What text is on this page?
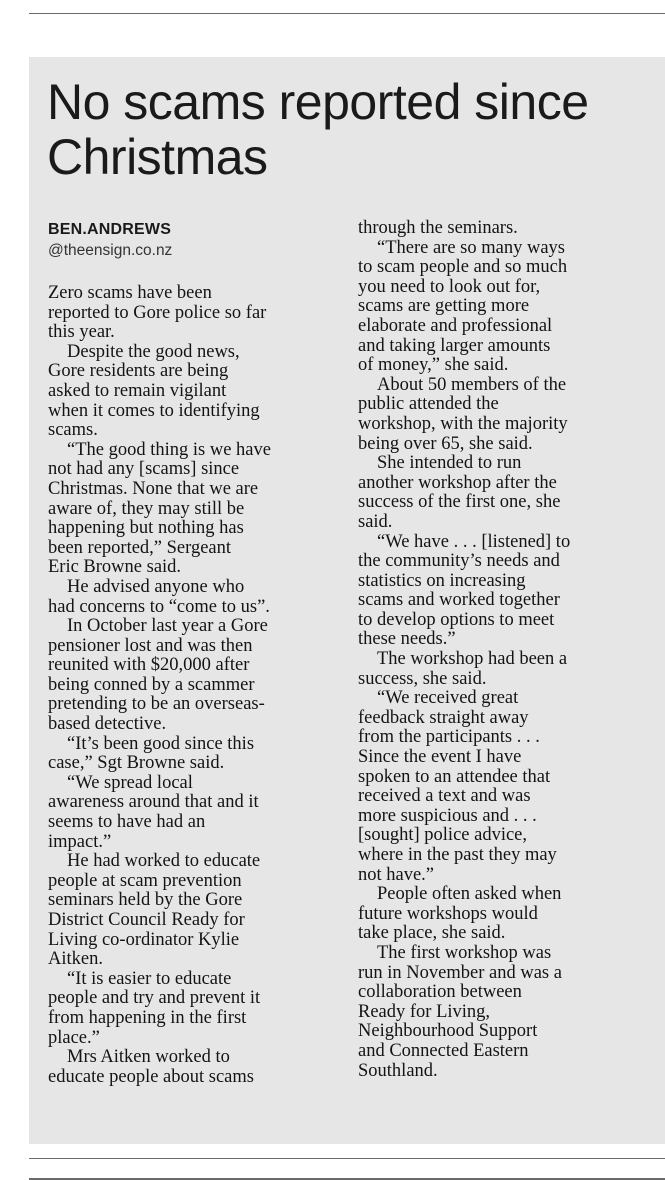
No scams reported since Christmas
BEN.ANDREWS
@theensign.co.nz
Zero scams have been
reported to Gore police so far
this year.
Despite the good news,
Gore residents are being
asked to remain vigilant
when it comes to identifying
scams.
“The good thing is we have
not had any [scams] since
Christmas. None that we are
aware of, they may still be
happening but nothing has
been reported,” Sergeant
Eric Browne said.
He advised anyone who
had concerns to “come to us”.
In October last year a Gore
pensioner lost and was then
reunited with $20,000 after
being conned by a scammer
pretending to be an overseas-
based detective.
“It’s been good since this
case,” Sgt Browne said.
“We spread local
awareness around that and it
seems to have had an
impact.”
He had worked to educate
people at scam prevention
seminars held by the Gore
District Council Ready for
Living co-ordinator Kylie
Aitken.
“It is easier to educate
people and try and prevent it
from happening in the first
place.”
Mrs Aitken worked to
educate people about scams
through the seminars.
“There are so many ways
to scam people and so much
you need to look out for,
scams are getting more
elaborate and professional
and taking larger amounts
of money,” she said.
About 50 members of the
public attended the
workshop, with the majority
being over 65, she said.
She intended to run
another workshop after the
success of the first one, she
said.
“We have . . . [listened] to
the community’s needs and
statistics on increasing
scams and worked together
to develop options to meet
these needs.”
The workshop had been a
success, she said.
“We received great
feedback straight away
from the participants . . .
Since the event I have
spoken to an attendee that
received a text and was
more suspicious and . . .
[sought] police advice,
where in the past they may
not have.”
People often asked when
future workshops would
take place, she said.
The first workshop was
run in November and was a
collaboration between
Ready for Living,
Neighbourhood Support
and Connected Eastern
Southland.
